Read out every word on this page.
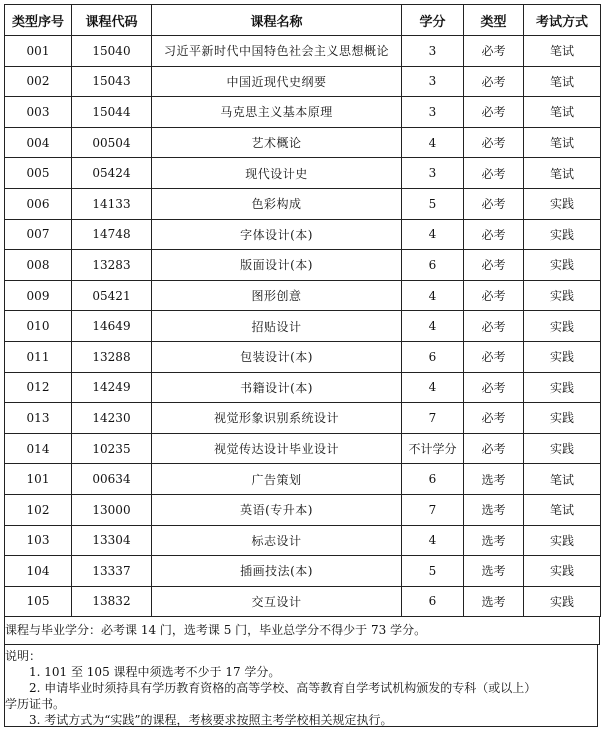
类型序号	课程代码	课程名称	学分	类型	考试方式
001	15040	习近平新时代中国特色社会主义思想概论	3	必考	笔试
002	15043	中国近现代史纲要	3	必考	笔试
003	15044	马克思主义基本原理	3	必考	笔试
004	00504	艺术概论	4	必考	笔试
005	05424	现代设计史	3	必考	笔试
006	14133	色彩构成	5	必考	实践
007	14748	字体设计(本)	4	必考	实践
008	13283	版面设计(本)	6	必考	实践
009	05421	图形创意	4	必考	实践
010	14649	招贴设计	4	必考	实践
011	13288	包装设计(本)	6	必考	实践
012	14249	书籍设计(本)	4	必考	实践
013	14230	视觉形象识别系统设计	7	必考	实践
014	10235	视觉传达设计毕业设计	不计学分	必考	实践
101	00634	广告策划	6	选考	笔试
102	13000	英语(专升本)	7	选考	笔试
103	13304	标志设计	4	选考	实践
104	13337	插画技法(本)	5	选考	实践
105	13832	交互设计	6	选考	实践
课程与毕业学分：必考课 14 门，选考课 5 门，毕业总学分不得少于 73 学分。
说明：
1. 101 至 105 课程中须选考不少于 17 学分。
2. 申请毕业时须持具有学历教育资格的高等学校、高等教育自学考试机构颁发的专科（或以上）
学历证书。
3. 考试方式为“实践”的课程，考核要求按照主考学校相关规定执行。
